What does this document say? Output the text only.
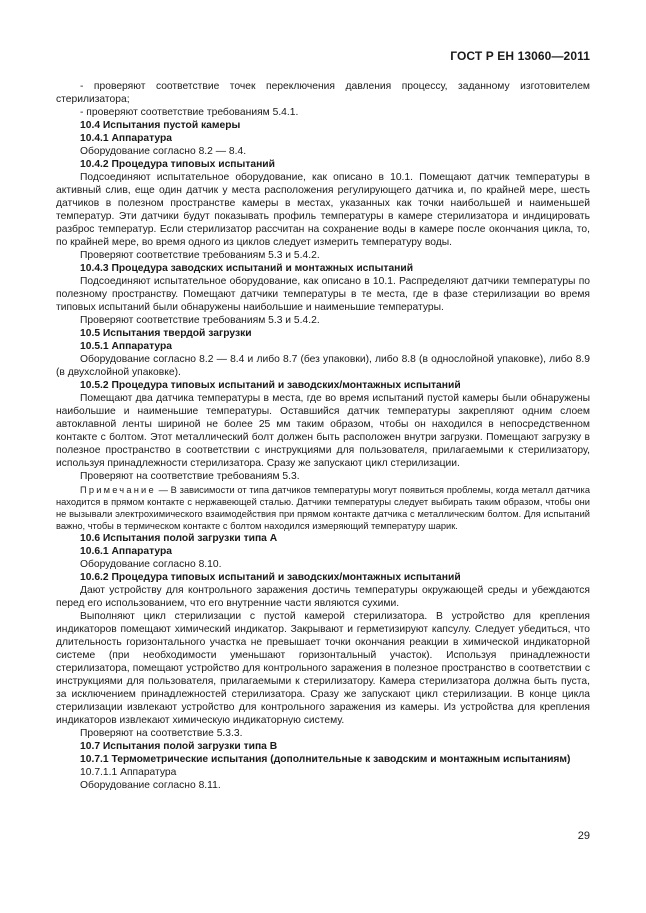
ГОСТ Р ЕН 13060—2011

- проверяют соответствие точек переключения давления процессу, заданному изготовителем стерилизатора;

- проверяют соответствие требованиям 5.4.1.

10.4 Испытания пустой камеры

10.4.1 Аппаратура

Оборудование согласно 8.2 — 8.4.

10.4.2 Процедура типовых испытаний

Подсоединяют испытательное оборудование, как описано в 10.1. Помещают датчик температуры в активный слив, еще один датчик у места расположения регулирующего датчика и, по крайней мере, шесть датчиков в полезном пространстве камеры в местах, указанных как точки наибольшей и наименьшей температур. Эти датчики будут показывать профиль температуры в камере стерилизатора и индицировать разброс температур. Если стерилизатор рассчитан на сохранение воды в камере после окончания цикла, то, по крайней мере, во время одного из циклов следует измерить температуру воды.

Проверяют соответствие требованиям 5.3 и 5.4.2.

10.4.3 Процедура заводских испытаний и монтажных испытаний

Подсоединяют испытательное оборудование, как описано в 10.1. Распределяют датчики температуры по полезному пространству. Помещают датчики температуры в те места, где в фазе стерилизации во время типовых испытаний были обнаружены наибольшие и наименьшие температуры.

Проверяют соответствие требованиям 5.3 и 5.4.2.

10.5 Испытания твердой загрузки

10.5.1 Аппаратура

Оборудование согласно 8.2 — 8.4 и либо 8.7 (без упаковки), либо 8.8 (в однослойной упаковке), либо 8.9 (в двухслойной упаковке).

10.5.2 Процедура типовых испытаний и заводских/монтажных испытаний

Помещают два датчика температуры в места, где во время испытаний пустой камеры были обнаружены наибольшие и наименьшие температуры. Оставшийся датчик температуры закрепляют одним слоем автоклавной ленты шириной не более 25 мм таким образом, чтобы он находился в непосредственном контакте с болтом. Этот металлический болт должен быть расположен внутри загрузки. Помещают загрузку в полезное пространство в соответствии с инструкциями для пользователя, прилагаемыми к стерилизатору, используя принадлежности стерилизатора. Сразу же запускают цикл стерилизации.

Проверяют на соответствие требованиям 5.3.

Примечание — В зависимости от типа датчиков температуры могут появиться проблемы, когда металл датчика находится в прямом контакте с нержавеющей сталью. Датчики температуры следует выбирать таким образом, чтобы они не вызывали электрохимического взаимодействия при прямом контакте датчика с металлическим болтом. Для испытаний важно, чтобы в термическом контакте с болтом находился измеряющий температуру шарик.

10.6 Испытания полой загрузки типа А

10.6.1 Аппаратура

Оборудование согласно 8.10.

10.6.2 Процедура типовых испытаний и заводских/монтажных испытаний

Дают устройству для контрольного заражения достичь температуры окружающей среды и убеждаются перед его использованием, что его внутренние части являются сухими.

Выполняют цикл стерилизации с пустой камерой стерилизатора. В устройство для крепления индикаторов помещают химический индикатор. Закрывают и герметизируют капсулу. Следует убедиться, что длительность горизонтального участка не превышает точки окончания реакции в химической индикаторной системе (при необходимости уменьшают горизонтальный участок). Используя принадлежности стерилизатора, помещают устройство для контрольного заражения в полезное пространство в соответствии с инструкциями для пользователя, прилагаемыми к стерилизатору. Камера стерилизатора должна быть пуста, за исключением принадлежностей стерилизатора. Сразу же запускают цикл стерилизации. В конце цикла стерилизации извлекают устройство для контрольного заражения из камеры. Из устройства для крепления индикаторов извлекают химическую индикаторную систему.

Проверяют на соответствие 5.3.3.

10.7 Испытания полой загрузки типа В

10.7.1 Термометрические испытания (дополнительные к заводским и монтажным испытаниям)

10.7.1.1 Аппаратура

Оборудование согласно 8.11.

29
